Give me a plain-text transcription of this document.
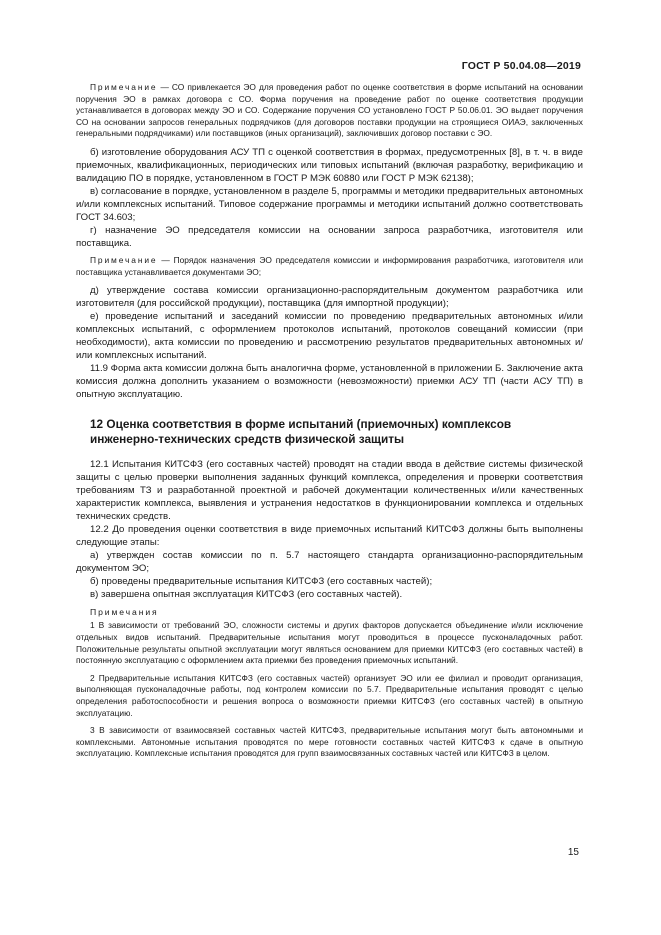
ГОСТ Р 50.04.08—2019
Примечание — СО привлекается ЭО для проведения работ по оценке соответствия в форме испытаний на основании поручения ЭО в рамках договора с СО. Форма поручения на проведение работ по оценке соответствия продукции устанавливается в договорах между ЭО и СО. Содержание поручения СО установлено ГОСТ Р 50.06.01. ЭО выдает поручения СО на основании запросов генеральных подрядчиков (для договоров поставки продукции на строящиеся ОИАЭ, заключенных генеральными подрядчиками) или поставщиков (иных организаций), заключивших договор поставки с ЭО.
б) изготовление оборудования АСУ ТП с оценкой соответствия в формах, предусмотренных [8], в т. ч. в виде приемочных, квалификационных, периодических или типовых испытаний (включая разработку, верификацию и валидацию ПО в порядке, установленном в ГОСТ Р МЭК 60880 или ГОСТ Р МЭК 62138);
в) согласование в порядке, установленном в разделе 5, программы и методики предварительных автономных и/или комплексных испытаний. Типовое содержание программы и методики испытаний должно соответствовать ГОСТ 34.603;
г) назначение ЭО председателя комиссии на основании запроса разработчика, изготовителя или поставщика.
Примечание — Порядок назначения ЭО председателя комиссии и информирования разработчика, изготовителя или поставщика устанавливается документами ЭО;
д) утверждение состава комиссии организационно-распорядительным документом разработчика или изготовителя (для российской продукции), поставщика (для импортной продукции);
е) проведение испытаний и заседаний комиссии по проведению предварительных автономных и/или комплексных испытаний, с оформлением протоколов испытаний, протоколов совещаний комиссии (при необходимости), акта комиссии по проведению и рассмотрению результатов предварительных автономных и/или комплексных испытаний.
11.9 Форма акта комиссии должна быть аналогична форме, установленной в приложении Б. Заключение акта комиссия должна дополнить указанием о возможности (невозможности) приемки АСУ ТП (части АСУ ТП) в опытную эксплуатацию.
12 Оценка соответствия в форме испытаний (приемочных) комплексов инженерно-технических средств физической защиты
12.1 Испытания КИТСФЗ (его составных частей) проводят на стадии ввода в действие системы физической защиты с целью проверки выполнения заданных функций комплекса, определения и проверки соответствия требованиям ТЗ и разработанной проектной и рабочей документации количественных и/или качественных характеристик комплекса, выявления и устранения недостатков в функционировании комплекса и отдельных технических средств.
12.2 До проведения оценки соответствия в виде приемочных испытаний КИТСФЗ должны быть выполнены следующие этапы:
а) утвержден состав комиссии по п. 5.7 настоящего стандарта организационно-распорядительным документом ЭО;
б) проведены предварительные испытания КИТСФЗ (его составных частей);
в) завершена опытная эксплуатация КИТСФЗ (его составных частей).
Примечания
1 В зависимости от требований ЭО, сложности системы и других факторов допускается объединение и/или исключение отдельных видов испытаний. Предварительные испытания могут проводиться в процессе пусконаладочных работ. Положительные результаты опытной эксплуатации могут являться основанием для приемки КИТСФЗ (его составных частей) в постоянную эксплуатацию с оформлением акта приемки без проведения приемочных испытаний.
2 Предварительные испытания КИТСФЗ (его составных частей) организует ЭО или ее филиал и проводит организация, выполняющая пусконаладочные работы, под контролем комиссии по 5.7. Предварительные испытания проводят с целью определения работоспособности и решения вопроса о возможности приемки КИТСФЗ (его составных частей) в опытную эксплуатацию.
3 В зависимости от взаимосвязей составных частей КИТСФЗ, предварительные испытания могут быть автономными и комплексными. Автономные испытания проводятся по мере готовности составных частей КИТСФЗ к сдаче в опытную эксплуатацию. Комплексные испытания проводятся для групп взаимосвязанных составных частей или КИТСФЗ в целом.
15
